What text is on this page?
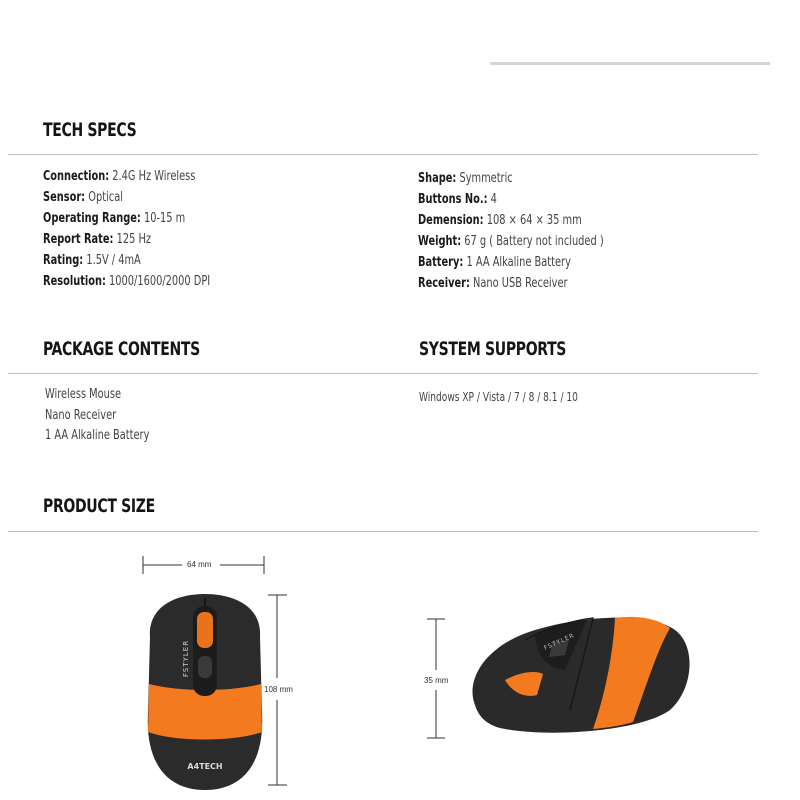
TECH SPECS
Connection: 2.4G Hz Wireless
Sensor: Optical
Operating Range: 10-15 m
Report Rate: 125 Hz
Rating: 1.5V / 4mA
Resolution: 1000/1600/2000 DPI
Shape: Symmetric
Buttons No.: 4
Demension: 108 × 64 × 35 mm
Weight: 67 g ( Battery not included )
Battery: 1 AA Alkaline Battery
Receiver: Nano USB Receiver
PACKAGE CONTENTS	SYSTEM SUPPORTS
Wireless Mouse
Nano Receiver
1 AA Alkaline Battery
Windows XP / Vista / 7 / 8 / 8.1 / 10
PRODUCT SIZE
64 mm
108 mm
35 mm
FSTYLER
A4TECH
FSTYLER
